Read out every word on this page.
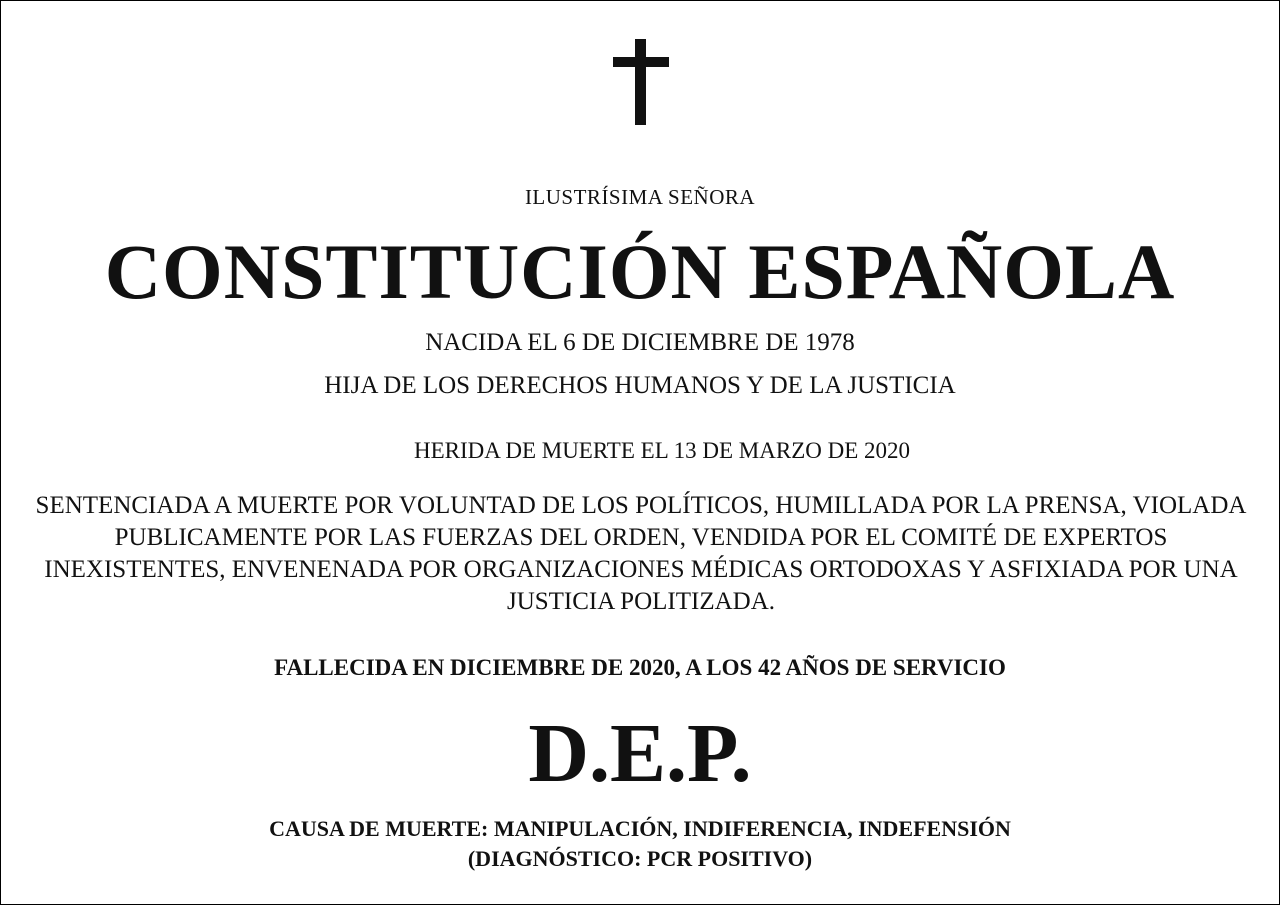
ILUSTRÍSIMA SEÑORA
CONSTITUCIÓN ESPAÑOLA
NACIDA EL 6 DE DICIEMBRE DE 1978
HIJA DE LOS DERECHOS HUMANOS Y DE LA JUSTICIA
HERIDA DE MUERTE EL 13 DE MARZO DE 2020
SENTENCIADA A MUERTE POR VOLUNTAD DE LOS POLÍTICOS, HUMILLADA POR LA PRENSA, VIOLADA PUBLICAMENTE POR LAS FUERZAS DEL ORDEN, VENDIDA POR EL COMITÉ DE EXPERTOS INEXISTENTES, ENVENENADA POR ORGANIZACIONES MÉDICAS ORTODOXAS Y ASFIXIADA POR UNA JUSTICIA POLITIZADA.
FALLECIDA EN DICIEMBRE DE 2020, A LOS 42 AÑOS DE SERVICIO
D.E.P.
CAUSA DE MUERTE: MANIPULACIÓN, INDIFERENCIA, INDEFENSIÓN
(DIAGNÓSTICO: PCR POSITIVO)
